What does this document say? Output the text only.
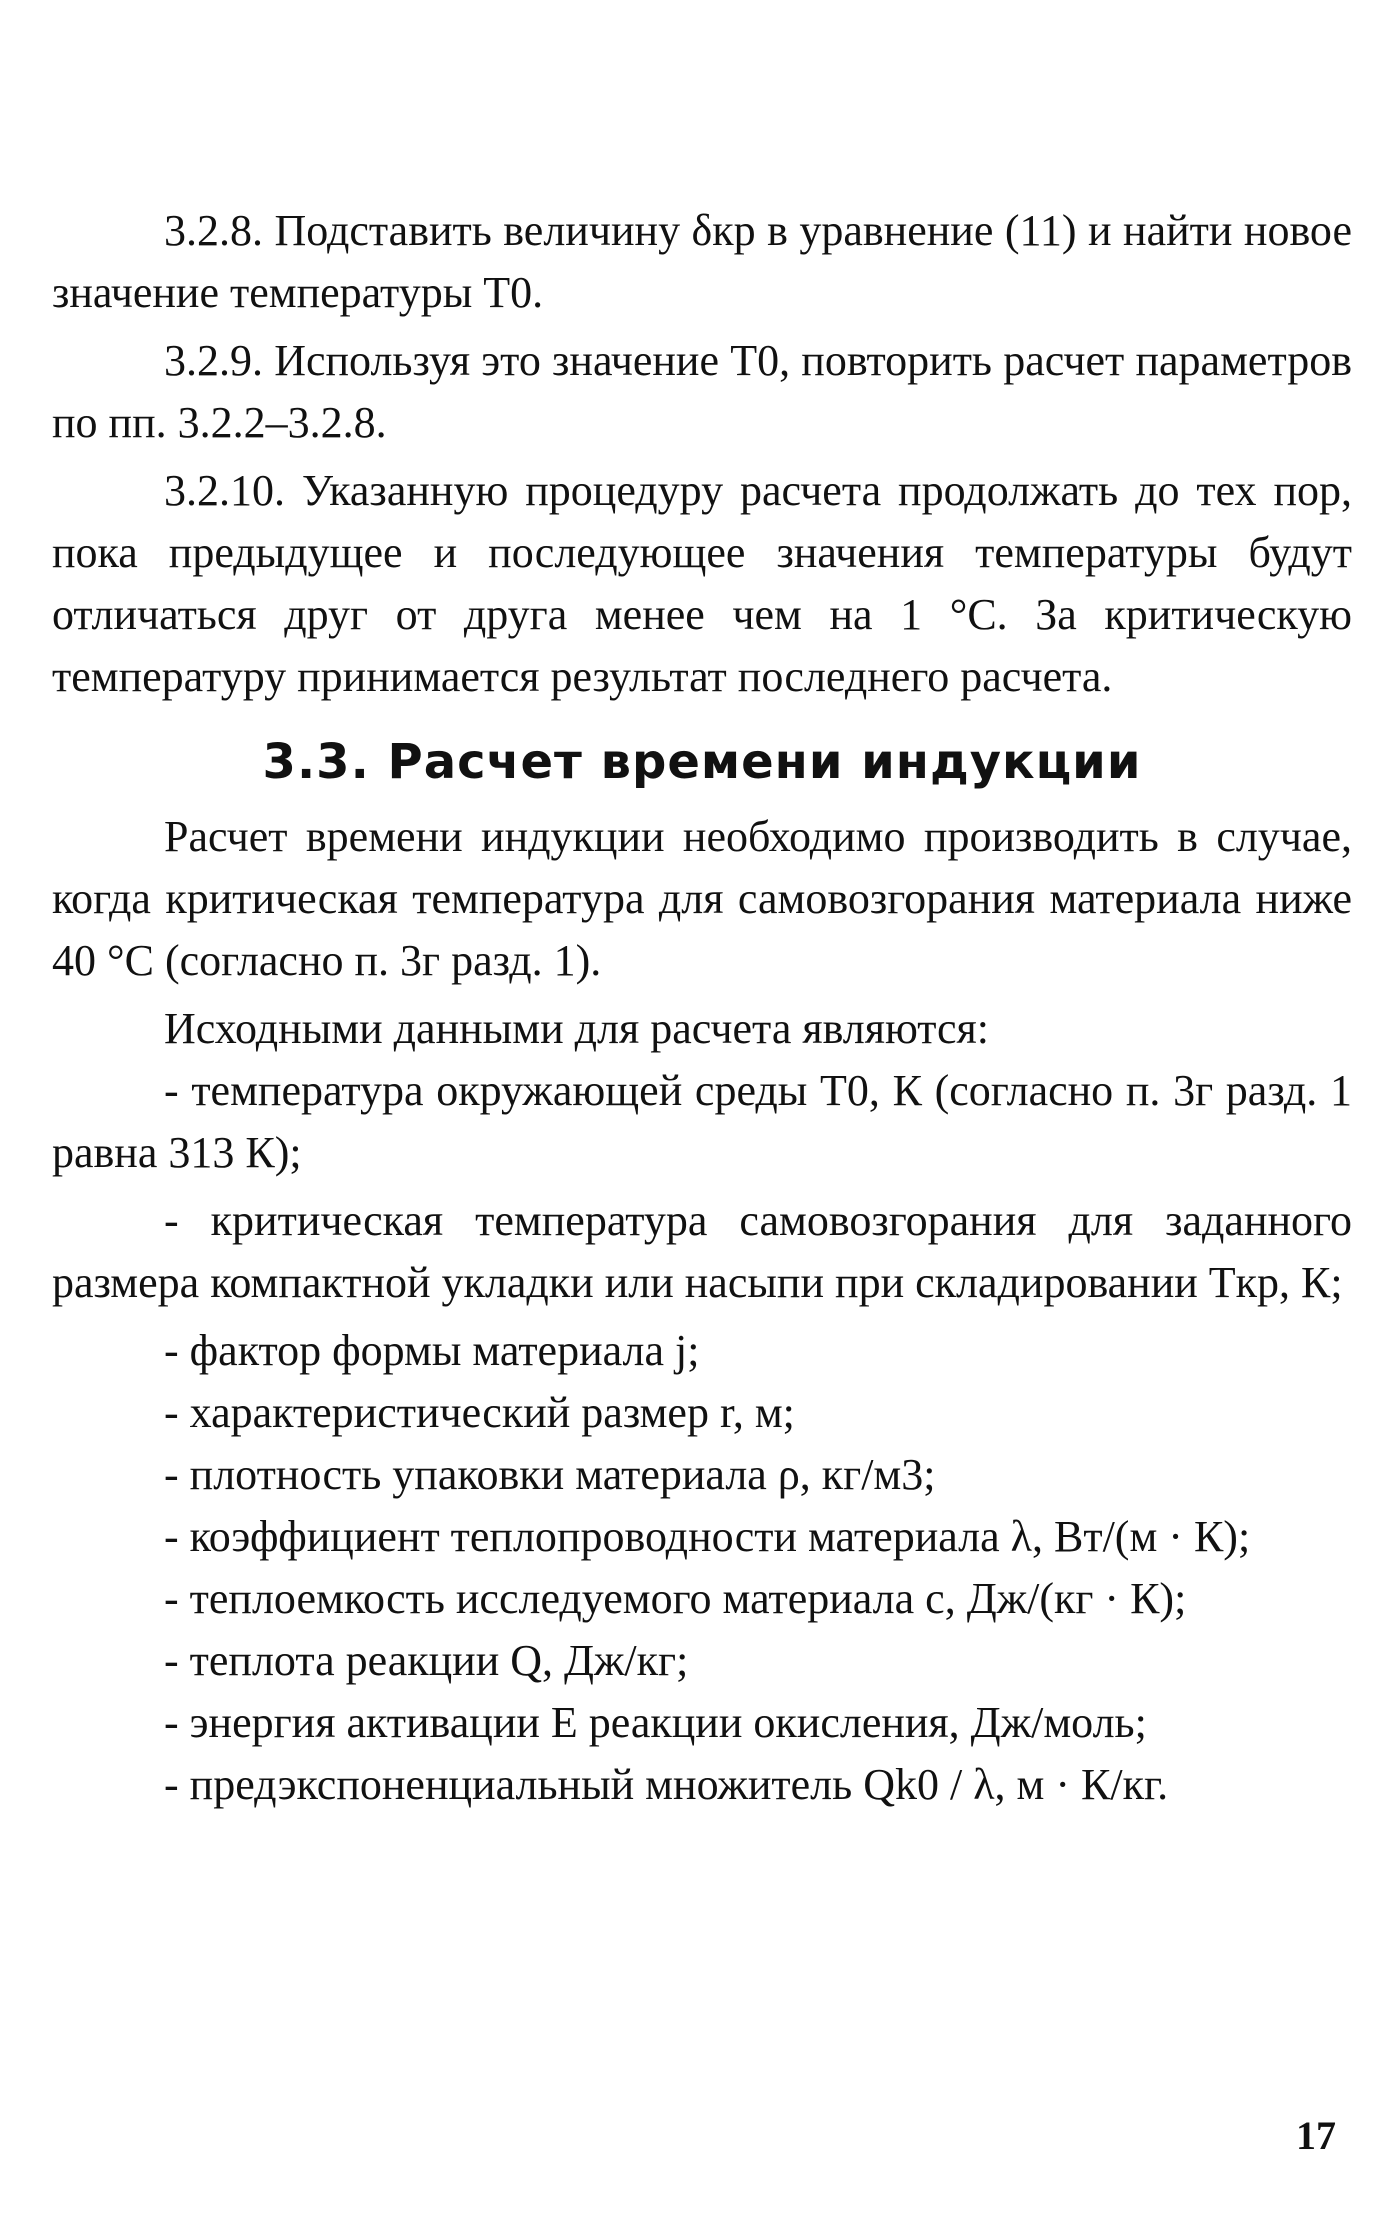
3.2.8. Подставить величину δкр в уравнение (11) и найти новое значение температуры T0.

3.2.9. Используя это значение T0, повторить расчет параметров по пп. 3.2.2–3.2.8.

3.2.10. Указанную процедуру расчета продолжать до тех пор, пока предыдущее и последующее значения температуры будут отличаться друг от друга менее чем на 1 °С. За критическую температуру принимается результат последнего расчета.

3.3. Расчет времени индукции

Расчет времени индукции необходимо производить в случае, когда критическая температура для самовозгорания материала ниже 40 °С (согласно п. 3г разд. 1).

Исходными данными для расчета являются:

- температура окружающей среды T0, К (согласно п. 3г разд. 1 равна 313 К);

- критическая температура самовозгорания для заданного размера компактной укладки или насыпи при складировании Tкр, К;

- фактор формы материала j;

- характеристический размер r, м;

- плотность упаковки материала ρ, кг/м3;

- коэффициент теплопроводности материала λ, Вт/(м · К);

- теплоемкость исследуемого материала c, Дж/(кг · К);

- теплота реакции Q, Дж/кг;

- энергия активации E реакции окисления, Дж/моль;

- предэкспоненциальный множитель Qk0 / λ, м · К/кг.

17
